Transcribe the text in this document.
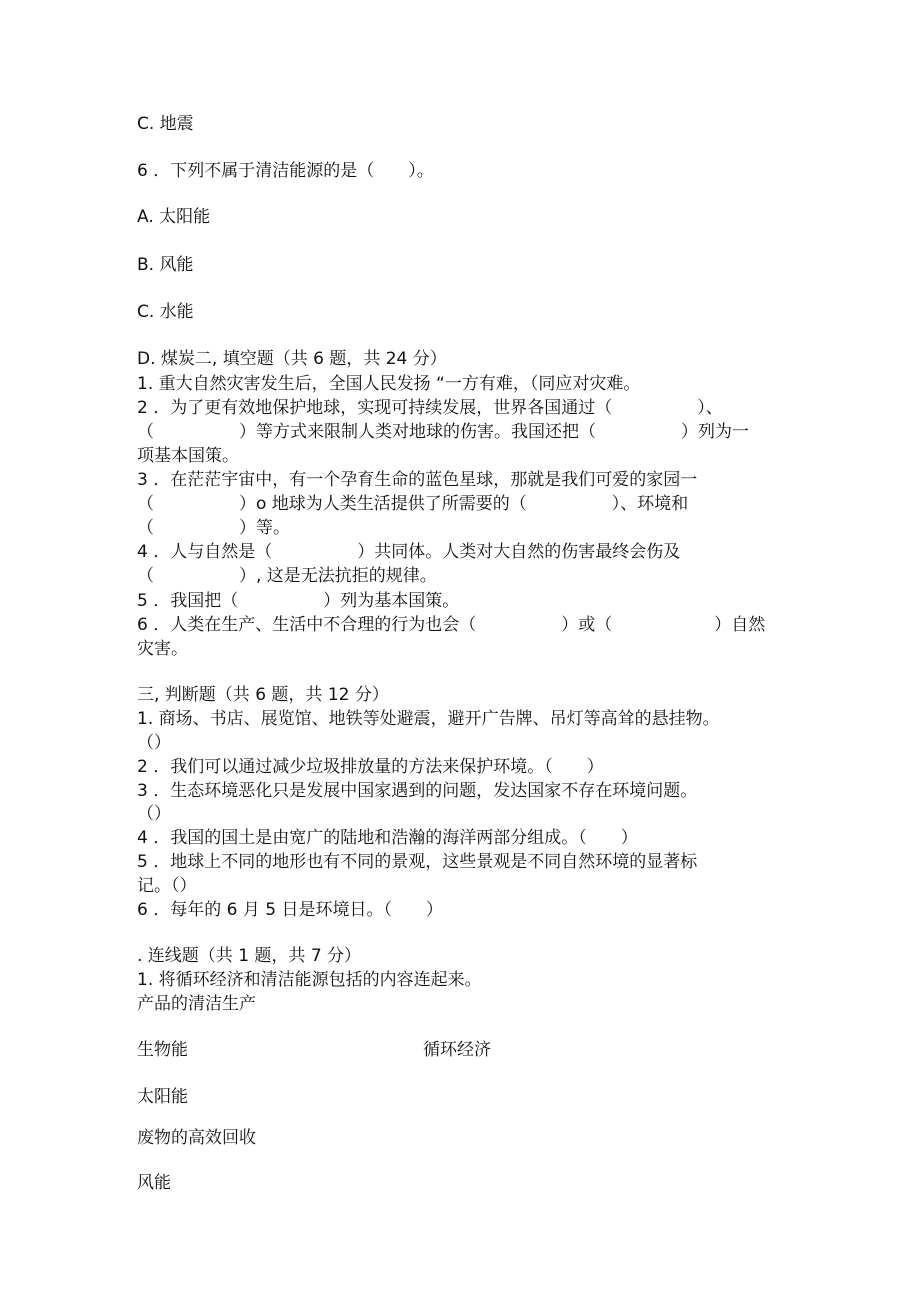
C. 地震

6 ．下列不属于清洁能源的是（　　）。

A. 太阳能

B. 风能

C. 水能

D. 煤炭二, 填空题（共 6 题，共 24 分）

1. 重大自然灾害发生后，全国人民发扬 “一方有难，（同应对灾难。

2 ．为了更有效地保护地球，实现可持续发展，世界各国通过（　　　　　）、

（　　　　　）等方式来限制人类对地球的伤害。我国还把（　　　　　）列为一

项基本国策。

3 ．在茫茫宇宙中，有一个孕育生命的蓝色星球，那就是我们可爱的家园一

（　　　　　）o 地球为人类生活提供了所需要的（　　　　　）、环境和

（　　　　　）等。

4 ．人与自然是（　　　　　）共同体。人类对大自然的伤害最终会伤及

（　　　　　）, 这是无法抗拒的规律。

5 ．我国把（　　　　　）列为基本国策。

6 ．人类在生产、生活中不合理的行为也会（　　　　　）或（　　　　　　）自然

灾害。

三, 判断题（共 6 题，共 12 分）

1. 商场、书店、展览馆、地铁等处避震，避开广告牌、吊灯等高耸的悬挂物。

（）

2 ．我们可以通过减少垃圾排放量的方法来保护环境。（　　）

3 ．生态环境恶化只是发展中国家遇到的问题，发达国家不存在环境问题。

（）

4 ．我国的国土是由宽广的陆地和浩瀚的海洋两部分组成。（　　）

5 ．地球上不同的地形也有不同的景观，这些景观是不同自然环境的显著标

记。（）

6 ．每年的 6 月 5 日是环境日。（　　）

. 连线题（共 1 题，共 7 分）

1. 将循环经济和清洁能源包括的内容连起来。

产品的清洁生产

生物能	循环经济

太阳能

废物的高效回收

风能
